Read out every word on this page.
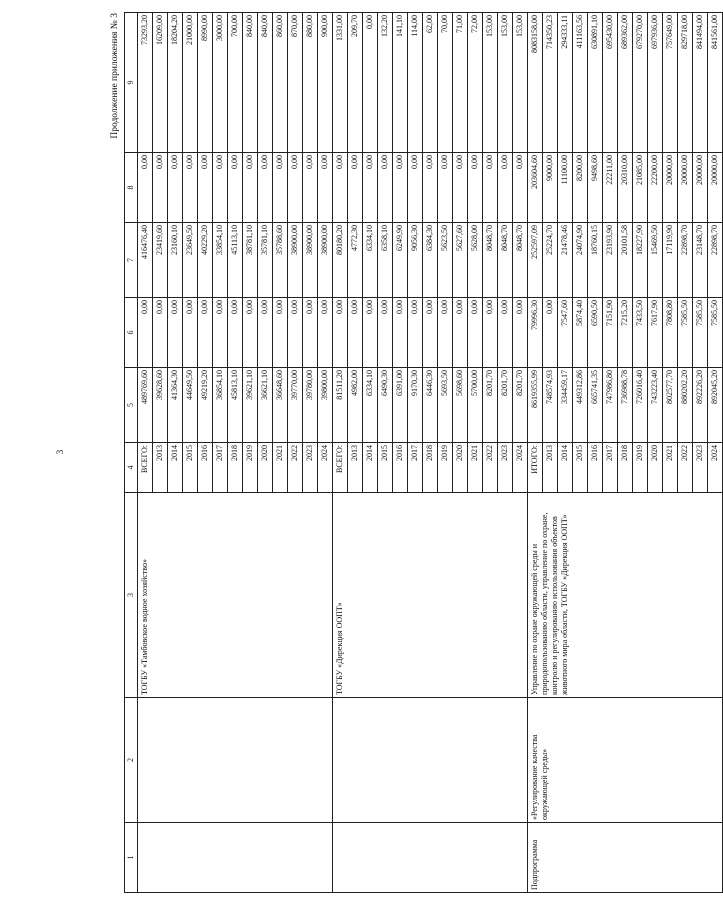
3
Продолжение приложения № 3
1	2	3	4	5	6	7	8	9
		ТОГБУ «Тамбовское водное хозяйство»	ВСЕГО:	489769,60	0,00	416476,40	0,00	73293,20
			2013	39628,60	0,00	23419,60	0,00	16209,00
			2014	41364,30	0,00	23160,10	0,00	18204,20
			2015	44649,50	0,00	23649,50	0,00	21000,00
			2016	49219,20	0,00	40229,20	0,00	8990,00
			2017	36854,10	0,00	33854,10	0,00	3000,00
			2018	45813,10	0,00	45113,10	0,00	700,00
			2019	39621,10	0,00	38781,10	0,00	840,00
			2020	36621,10	0,00	35781,10	0,00	840,00
			2021	36648,60	0,00	35788,60	0,00	860,00
			2022	39770,00	0,00	38900,00	0,00	870,00
			2023	39780,00	0,00	38900,00	0,00	880,00
			2024	39800,00	0,00	38900,00	0,00	900,00
		ТОГБУ «Дирекция ООПТ»	ВСЕГО:	81511,20	0,00	80180,20	0,00	1331,00
			2013	4982,00	0,00	4772,30	0,00	209,70
			2014	6334,10	0,00	6334,10	0,00	0,00
			2015	6490,30	0,00	6358,10	0,00	132,20
			2016	6391,00	0,00	6249,90	0,00	141,10
			2017	9170,30	0,00	9056,30	0,00	114,00
			2018	6446,30	0,00	6384,30	0,00	62,00
			2019	5693,50	0,00	5623,50	0,00	70,00
			2020	5698,60	0,00	5627,60	0,00	71,00
			2021	5700,00	0,00	5628,00	0,00	72,00
			2022	8201,70	0,00	8048,70	0,00	153,00
			2023	8201,70	0,00	8048,70	0,00	153,00
			2024	8201,70	0,00	8048,70	0,00	153,00
Подпрограмма	«Регулирование качества окружающей среды»	Управление по охране окружающей среды и природопользованию области, управление по охране, контролю и регулированию использования объектов животного мира области, ТОГБУ «Дирекция ООПТ»	ИТОГО:	8619355,99	79996,30	252597,09	203604,60	8083158,00
			2013	748574,93	0,00	25224,70	9000,00	714350,23
			2014	334459,17	7547,60	21478,46	11100,00	294333,11
			2015	449312,86	5874,40	24074,90	8200,00	411163,56
			2016	665741,35	6590,50	18760,15	9498,60	630891,10
			2017	747986,80	7151,90	23193,90	22211,00	695430,00
			2018	736988,78	7215,20	20101,58	20310,00	689362,00
			2019	726016,40	7433,50	18227,90	21085,00	679270,00
			2020	743223,40	7617,90	15469,50	22200,00	697936,00
			2021	802577,70	7808,80	17119,90	20000,00	757649,00
			2022	880202,20	7585,50	22898,70	20000,00	829718,00
			2023	892226,20	7585,50	23148,70	20000,00	841494,00
			2024	892045,20	7585,50	22898,70	20000,00	841561,00
